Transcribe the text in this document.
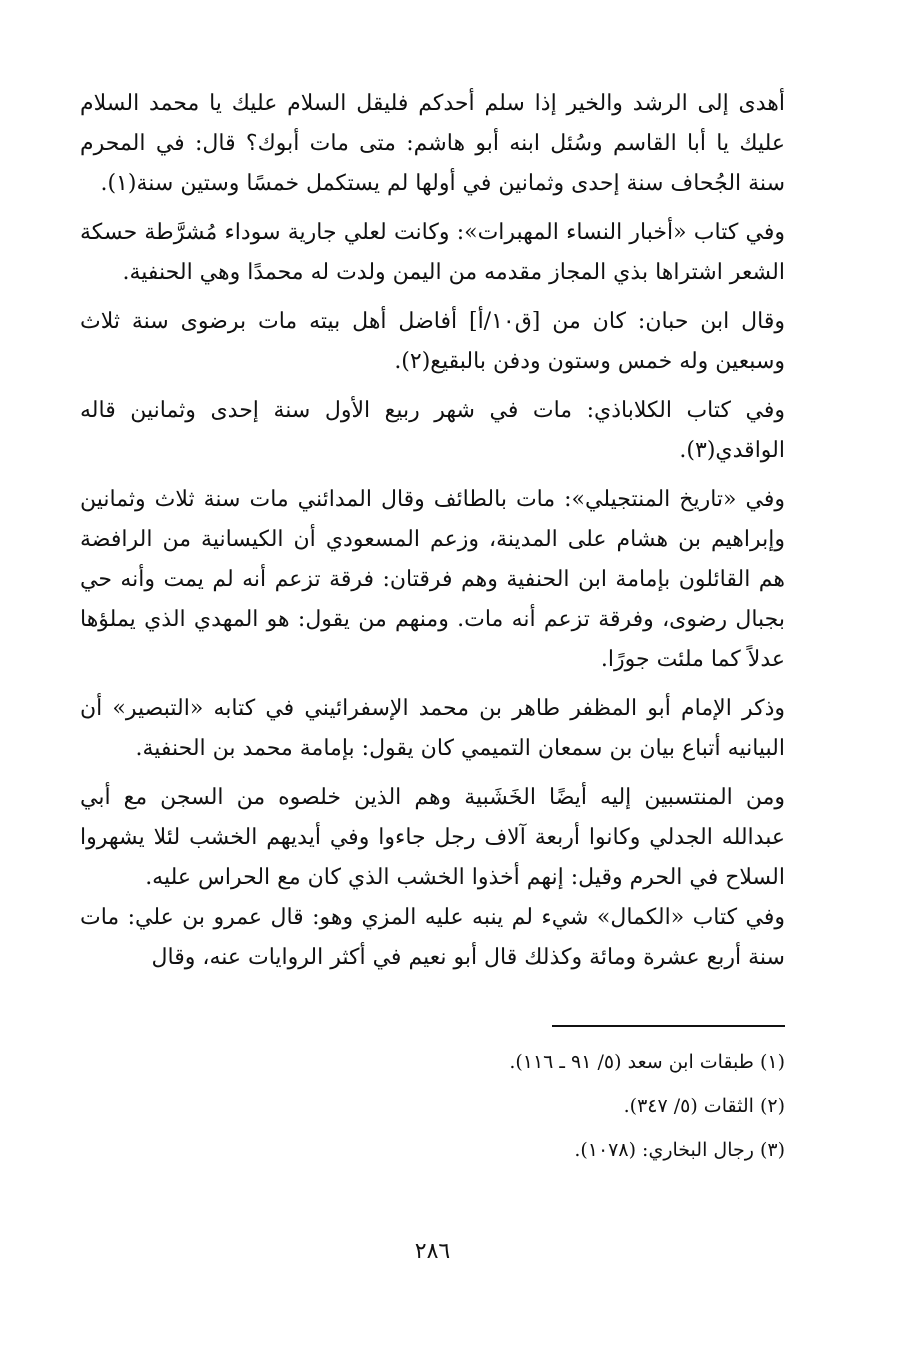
أهدى إلى الرشد والخير إذا سلم أحدكم فليقل السلام عليك يا محمد السلام عليك يا أبا القاسم وسُئل ابنه أبو هاشم: متى مات أبوك؟ قال: في المحرم سنة الجُحاف سنة إحدى وثمانين في أولها لم يستكمل خمسًا وستين سنة(١).

وفي كتاب «أخبار النساء المهبرات»: وكانت لعلي جارية سوداء مُشرَّطة حسكة الشعر اشتراها بذي المجاز مقدمه من اليمن ولدت له محمدًا وهي الحنفية.

وقال ابن حبان: كان من [ق١٠/أ] أفاضل أهل بيته مات برضوى سنة ثلاث وسبعين وله خمس وستون ودفن بالبقيع(٢).

وفي كتاب الكلاباذي: مات في شهر ربيع الأول سنة إحدى وثمانين قاله الواقدي(٣).

وفي «تاريخ المنتجيلي»: مات بالطائف وقال المدائني مات سنة ثلاث وثمانين وإبراهيم بن هشام على المدينة، وزعم المسعودي أن الكيسانية من الرافضة هم القائلون بإمامة ابن الحنفية وهم فرقتان: فرقة تزعم أنه لم يمت وأنه حي بجبال رضوى، وفرقة تزعم أنه مات. ومنهم من يقول: هو المهدي الذي يملؤها عدلاً كما ملئت جورًا.

وذكر الإمام أبو المظفر طاهر بن محمد الإسفرائيني في كتابه «التبصير» أن البيانيه أتباع بيان بن سمعان التميمي كان يقول: بإمامة محمد بن الحنفية.

ومن المنتسبين إليه أيضًا الخَشَبية وهم الذين خلصوه من السجن مع أبي عبدالله الجدلي وكانوا أربعة آلاف رجل جاءوا وفي أيديهم الخشب لئلا يشهروا السلاح في الحرم وقيل: إنهم أخذوا الخشب الذي كان مع الحراس عليه.

وفي كتاب «الكمال» شيء لم ينبه عليه المزي وهو: قال عمرو بن علي: مات سنة أربع عشرة ومائة وكذلك قال أبو نعيم في أكثر الروايات عنه، وقال

(١) طبقات ابن سعد (٥/ ٩١ ـ ١١٦).

(٢) الثقات (٥/ ٣٤٧).

(٣) رجال البخاري: (١٠٧٨).

٢٨٦
